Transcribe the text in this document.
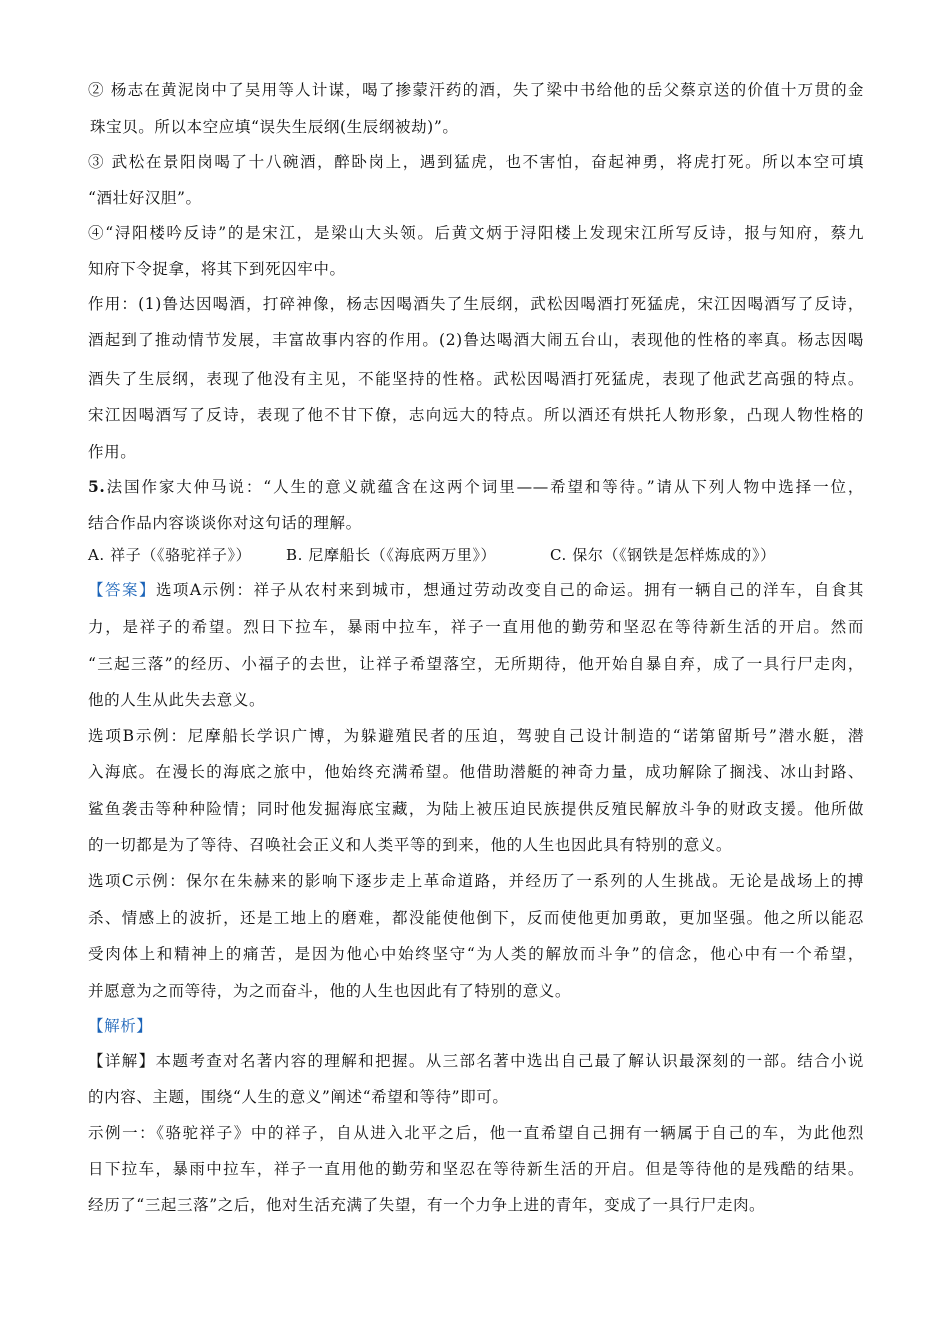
② 杨志在黄泥岗中了吴用等人计谋，喝了掺蒙汗药的酒，失了梁中书给他的岳父蔡京送的价值十万贯的金
珠宝贝。所以本空应填“误失生辰纲(生辰纲被劫)”。
③ 武松在景阳岗喝了十八碗酒，醉卧岗上，遇到猛虎，也不害怕，奋起神勇，将虎打死。所以本空可填
“酒壮好汉胆”。
④“浔阳楼吟反诗”的是宋江，是梁山大头领。后黄文炳于浔阳楼上发现宋江所写反诗，报与知府，蔡九
知府下令捉拿，将其下到死囚牢中。
作用：(1)鲁达因喝酒，打碎神像，杨志因喝酒失了生辰纲，武松因喝酒打死猛虎，宋江因喝酒写了反诗，
酒起到了推动情节发展，丰富故事内容的作用。(2)鲁达喝酒大闹五台山，表现他的性格的率真。杨志因喝
酒失了生辰纲，表现了他没有主见，不能坚持的性格。武松因喝酒打死猛虎，表现了他武艺高强的特点。
宋江因喝酒写了反诗，表现了他不甘下僚，志向远大的特点。所以酒还有烘托人物形象，凸现人物性格的
作用。
5.法国作家大仲马说：“人生的意义就蕴含在这两个词里——希望和等待。”请从下列人物中选择一位，
结合作品内容谈谈你对这句话的理解。
A. 祥子（《骆驼祥子》） B. 尼摩船长（《海底两万里》）	C. 保尔（《钢铁是怎样炼成的》）
【答案】选项A示例：祥子从农村来到城市，想通过劳动改变自己的命运。拥有一辆自己的洋车，自食其
力，是祥子的希望。烈日下拉车，暴雨中拉车，祥子一直用他的勤劳和坚忍在等待新生活的开启。然而
“三起三落”的经历、小福子的去世，让祥子希望落空，无所期待，他开始自暴自弃，成了一具行尸走肉，
他的人生从此失去意义。
选项B示例：尼摩船长学识广博，为躲避殖民者的压迫，驾驶自己设计制造的“诺第留斯号”潜水艇，潜
入海底。在漫长的海底之旅中，他始终充满希望。他借助潜艇的神奇力量，成功解除了搁浅、冰山封路、
鲨鱼袭击等种种险情；同时他发掘海底宝藏，为陆上被压迫民族提供反殖民解放斗争的财政支援。他所做
的一切都是为了等待、召唤社会正义和人类平等的到来，他的人生也因此具有特别的意义。
选项C示例：保尔在朱赫来的影响下逐步走上革命道路，并经历了一系列的人生挑战。无论是战场上的搏
杀、情感上的波折，还是工地上的磨难，都没能使他倒下，反而使他更加勇敢，更加坚强。他之所以能忍
受肉体上和精神上的痛苦，是因为他心中始终坚守“为人类的解放而斗争”的信念，他心中有一个希望，
并愿意为之而等待，为之而奋斗，他的人生也因此有了特别的意义。
【解析】
【详解】本题考查对名著内容的理解和把握。从三部名著中选出自己最了解认识最深刻的一部。结合小说
的内容、主题，围绕“人生的意义”阐述“希望和等待”即可。
示例一：《骆驼祥子》中的祥子，自从进入北平之后，他一直希望自己拥有一辆属于自己的车，为此他烈
日下拉车，暴雨中拉车，祥子一直用他的勤劳和坚忍在等待新生活的开启。但是等待他的是残酷的结果。
经历了“三起三落”之后，他对生活充满了失望，有一个力争上进的青年，变成了一具行尸走肉。
